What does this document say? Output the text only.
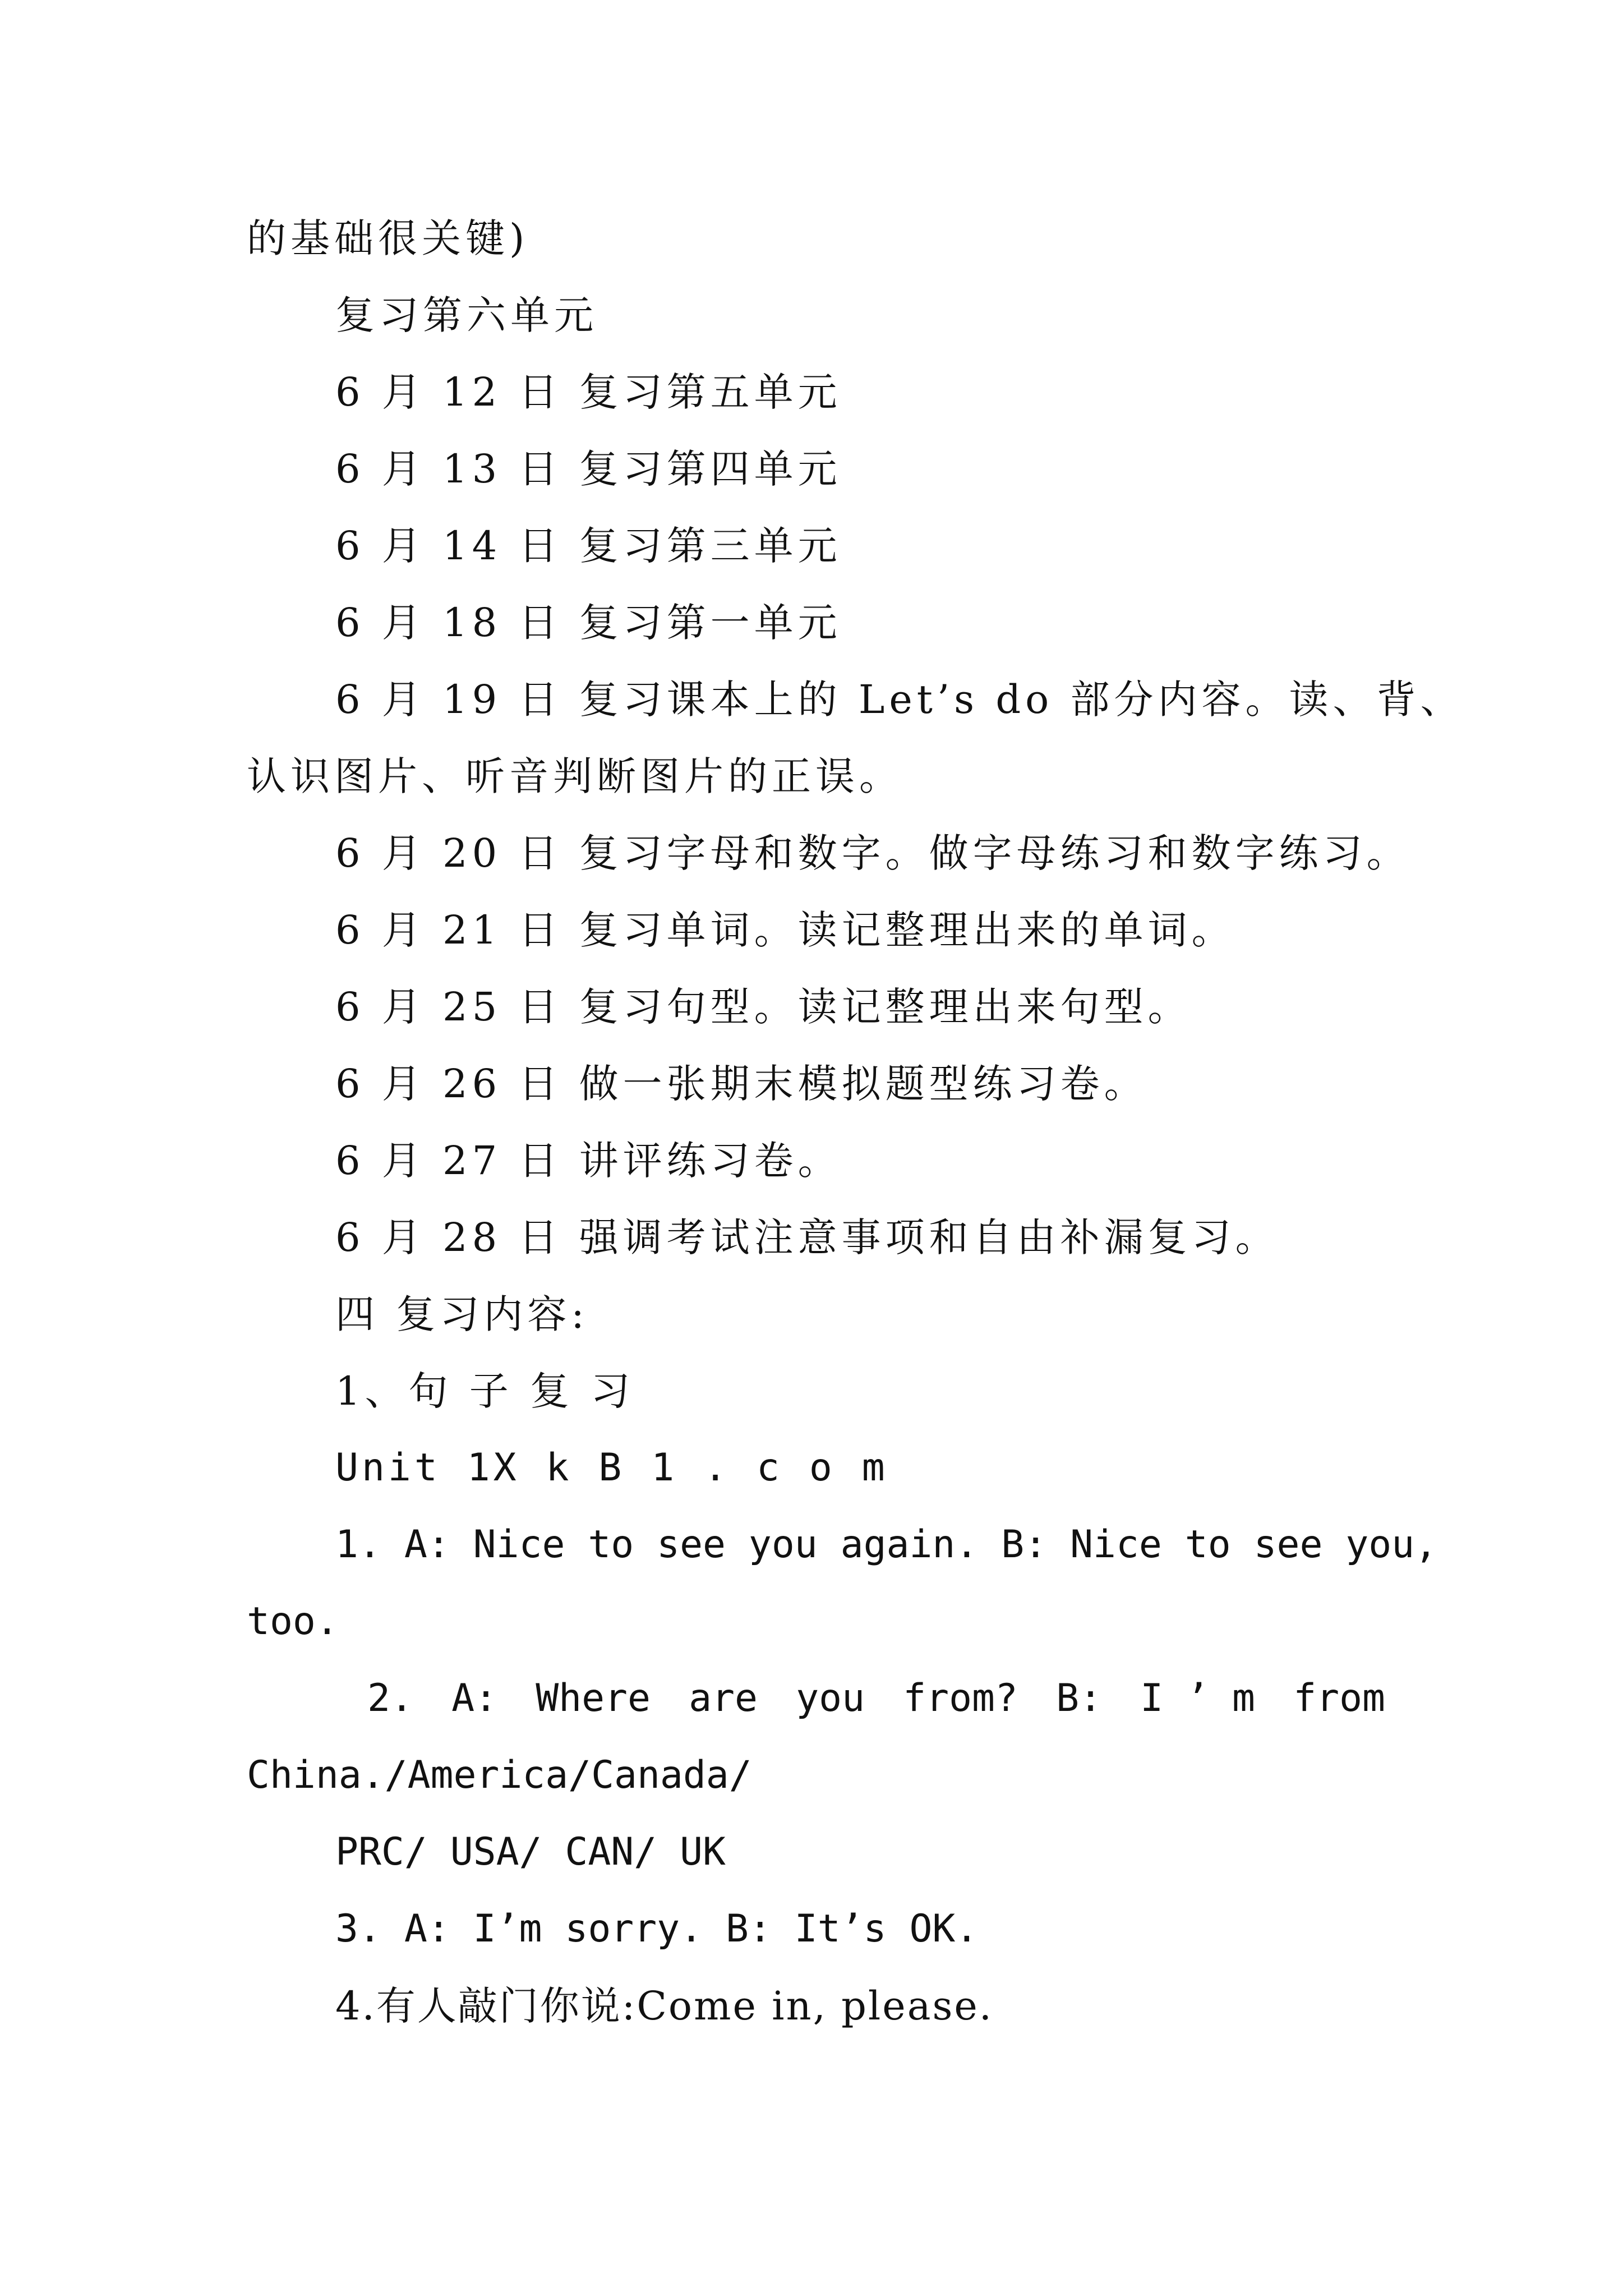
的基础很关键)
复习第六单元
6 月 12 日 复习第五单元
6 月 13 日 复习第四单元
6 月 14 日 复习第三单元
6 月 18 日 复习第一单元
6 月 19 日 复习课本上的 Let’s do 部分内容。读、背、
认识图片、听音判断图片的正误。
6 月 20 日 复习字母和数字。做字母练习和数字练习。
6 月 21 日 复习单词。读记整理出来的单词。
6 月 25 日 复习句型。读记整理出来句型。
6 月 26 日 做一张期末模拟题型练习卷。
6 月 27 日 讲评练习卷。
6 月 28 日 强调考试注意事项和自由补漏复习。
四 复习内容:
1、句 子 复 习
Unit 1X k B 1 . c o m
1. A: Nice to see you again. B: Nice to see you,
too.
2. A: Where are you from? B: I ’ m from
China./America/Canada/
PRC/ USA/ CAN/ UK
3. A: I’m sorry. B: It’s OK.
4.有人敲门你说:Come in, please.
